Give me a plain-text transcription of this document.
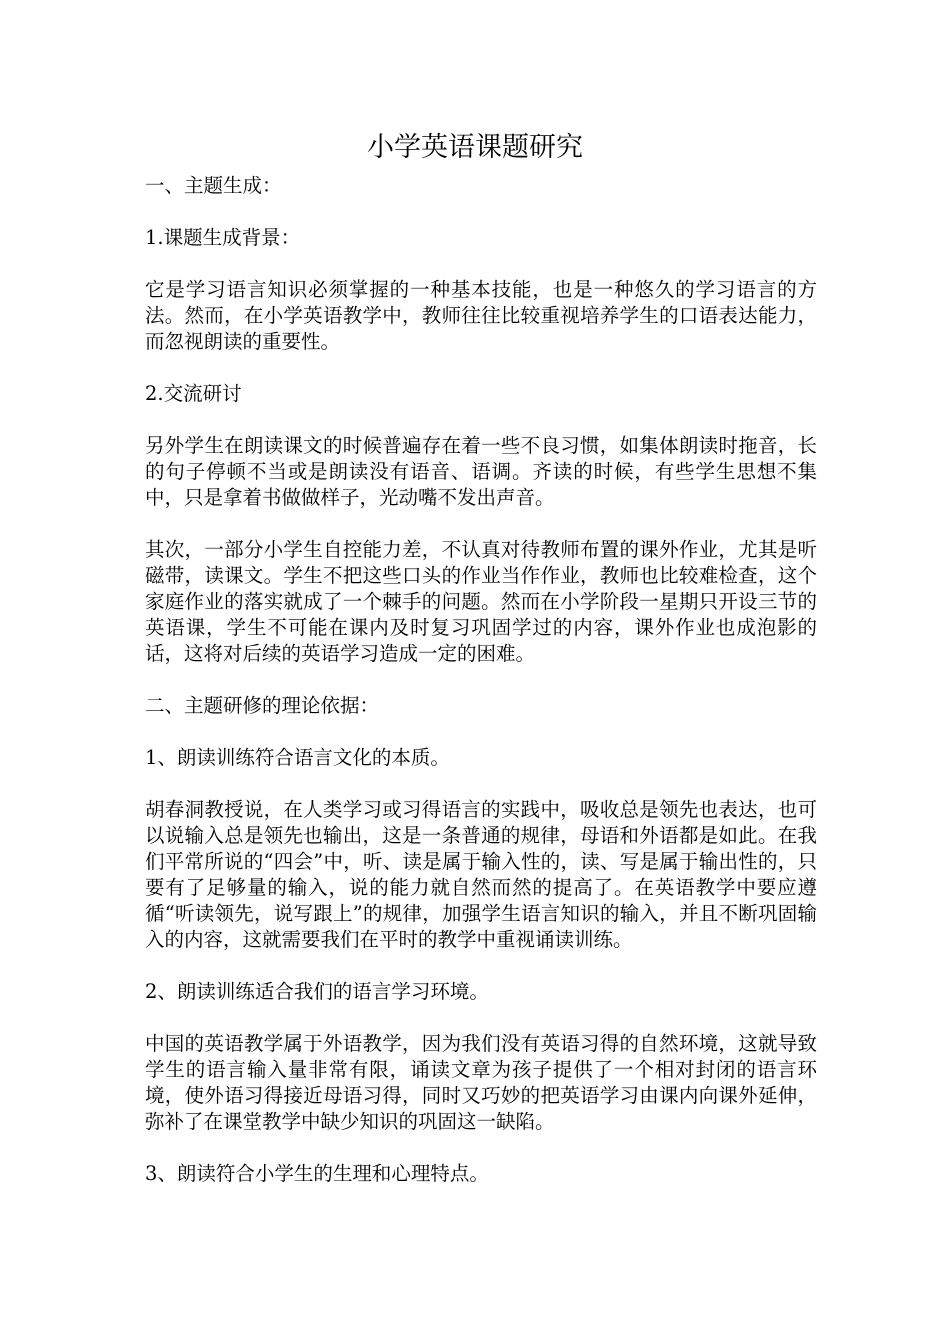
小学英语课题研究

一、主题生成：

1.课题生成背景：

它是学习语言知识必须掌握的一种基本技能，也是一种悠久的学习语言的方法。然而，在小学英语教学中，教师往往比较重视培养学生的口语表达能力，而忽视朗读的重要性。

2.交流研讨

另外学生在朗读课文的时候普遍存在着一些不良习惯，如集体朗读时拖音，长的句子停顿不当或是朗读没有语音、语调。齐读的时候，有些学生思想不集中，只是拿着书做做样子，光动嘴不发出声音。

其次，一部分小学生自控能力差，不认真对待教师布置的课外作业，尤其是听磁带，读课文。学生不把这些口头的作业当作作业，教师也比较难检查，这个家庭作业的落实就成了一个棘手的问题。然而在小学阶段一星期只开设三节的英语课，学生不可能在课内及时复习巩固学过的内容，课外作业也成泡影的话，这将对后续的英语学习造成一定的困难。

二、主题研修的理论依据：

1、朗读训练符合语言文化的本质。

胡春洞教授说，在人类学习或习得语言的实践中，吸收总是领先也表达，也可以说输入总是领先也输出，这是一条普通的规律，母语和外语都是如此。在我们平常所说的“四会”中，听、读是属于输入性的，读、写是属于输出性的，只要有了足够量的输入，说的能力就自然而然的提高了。在英语教学中要应遵循“听读领先，说写跟上”的规律，加强学生语言知识的输入，并且不断巩固输入的内容，这就需要我们在平时的教学中重视诵读训练。

2、朗读训练适合我们的语言学习环境。

中国的英语教学属于外语教学，因为我们没有英语习得的自然环境，这就导致学生的语言输入量非常有限，诵读文章为孩子提供了一个相对封闭的语言环境，使外语习得接近母语习得，同时又巧妙的把英语学习由课内向课外延伸，弥补了在课堂教学中缺少知识的巩固这一缺陷。

3、朗读符合小学生的生理和心理特点。
